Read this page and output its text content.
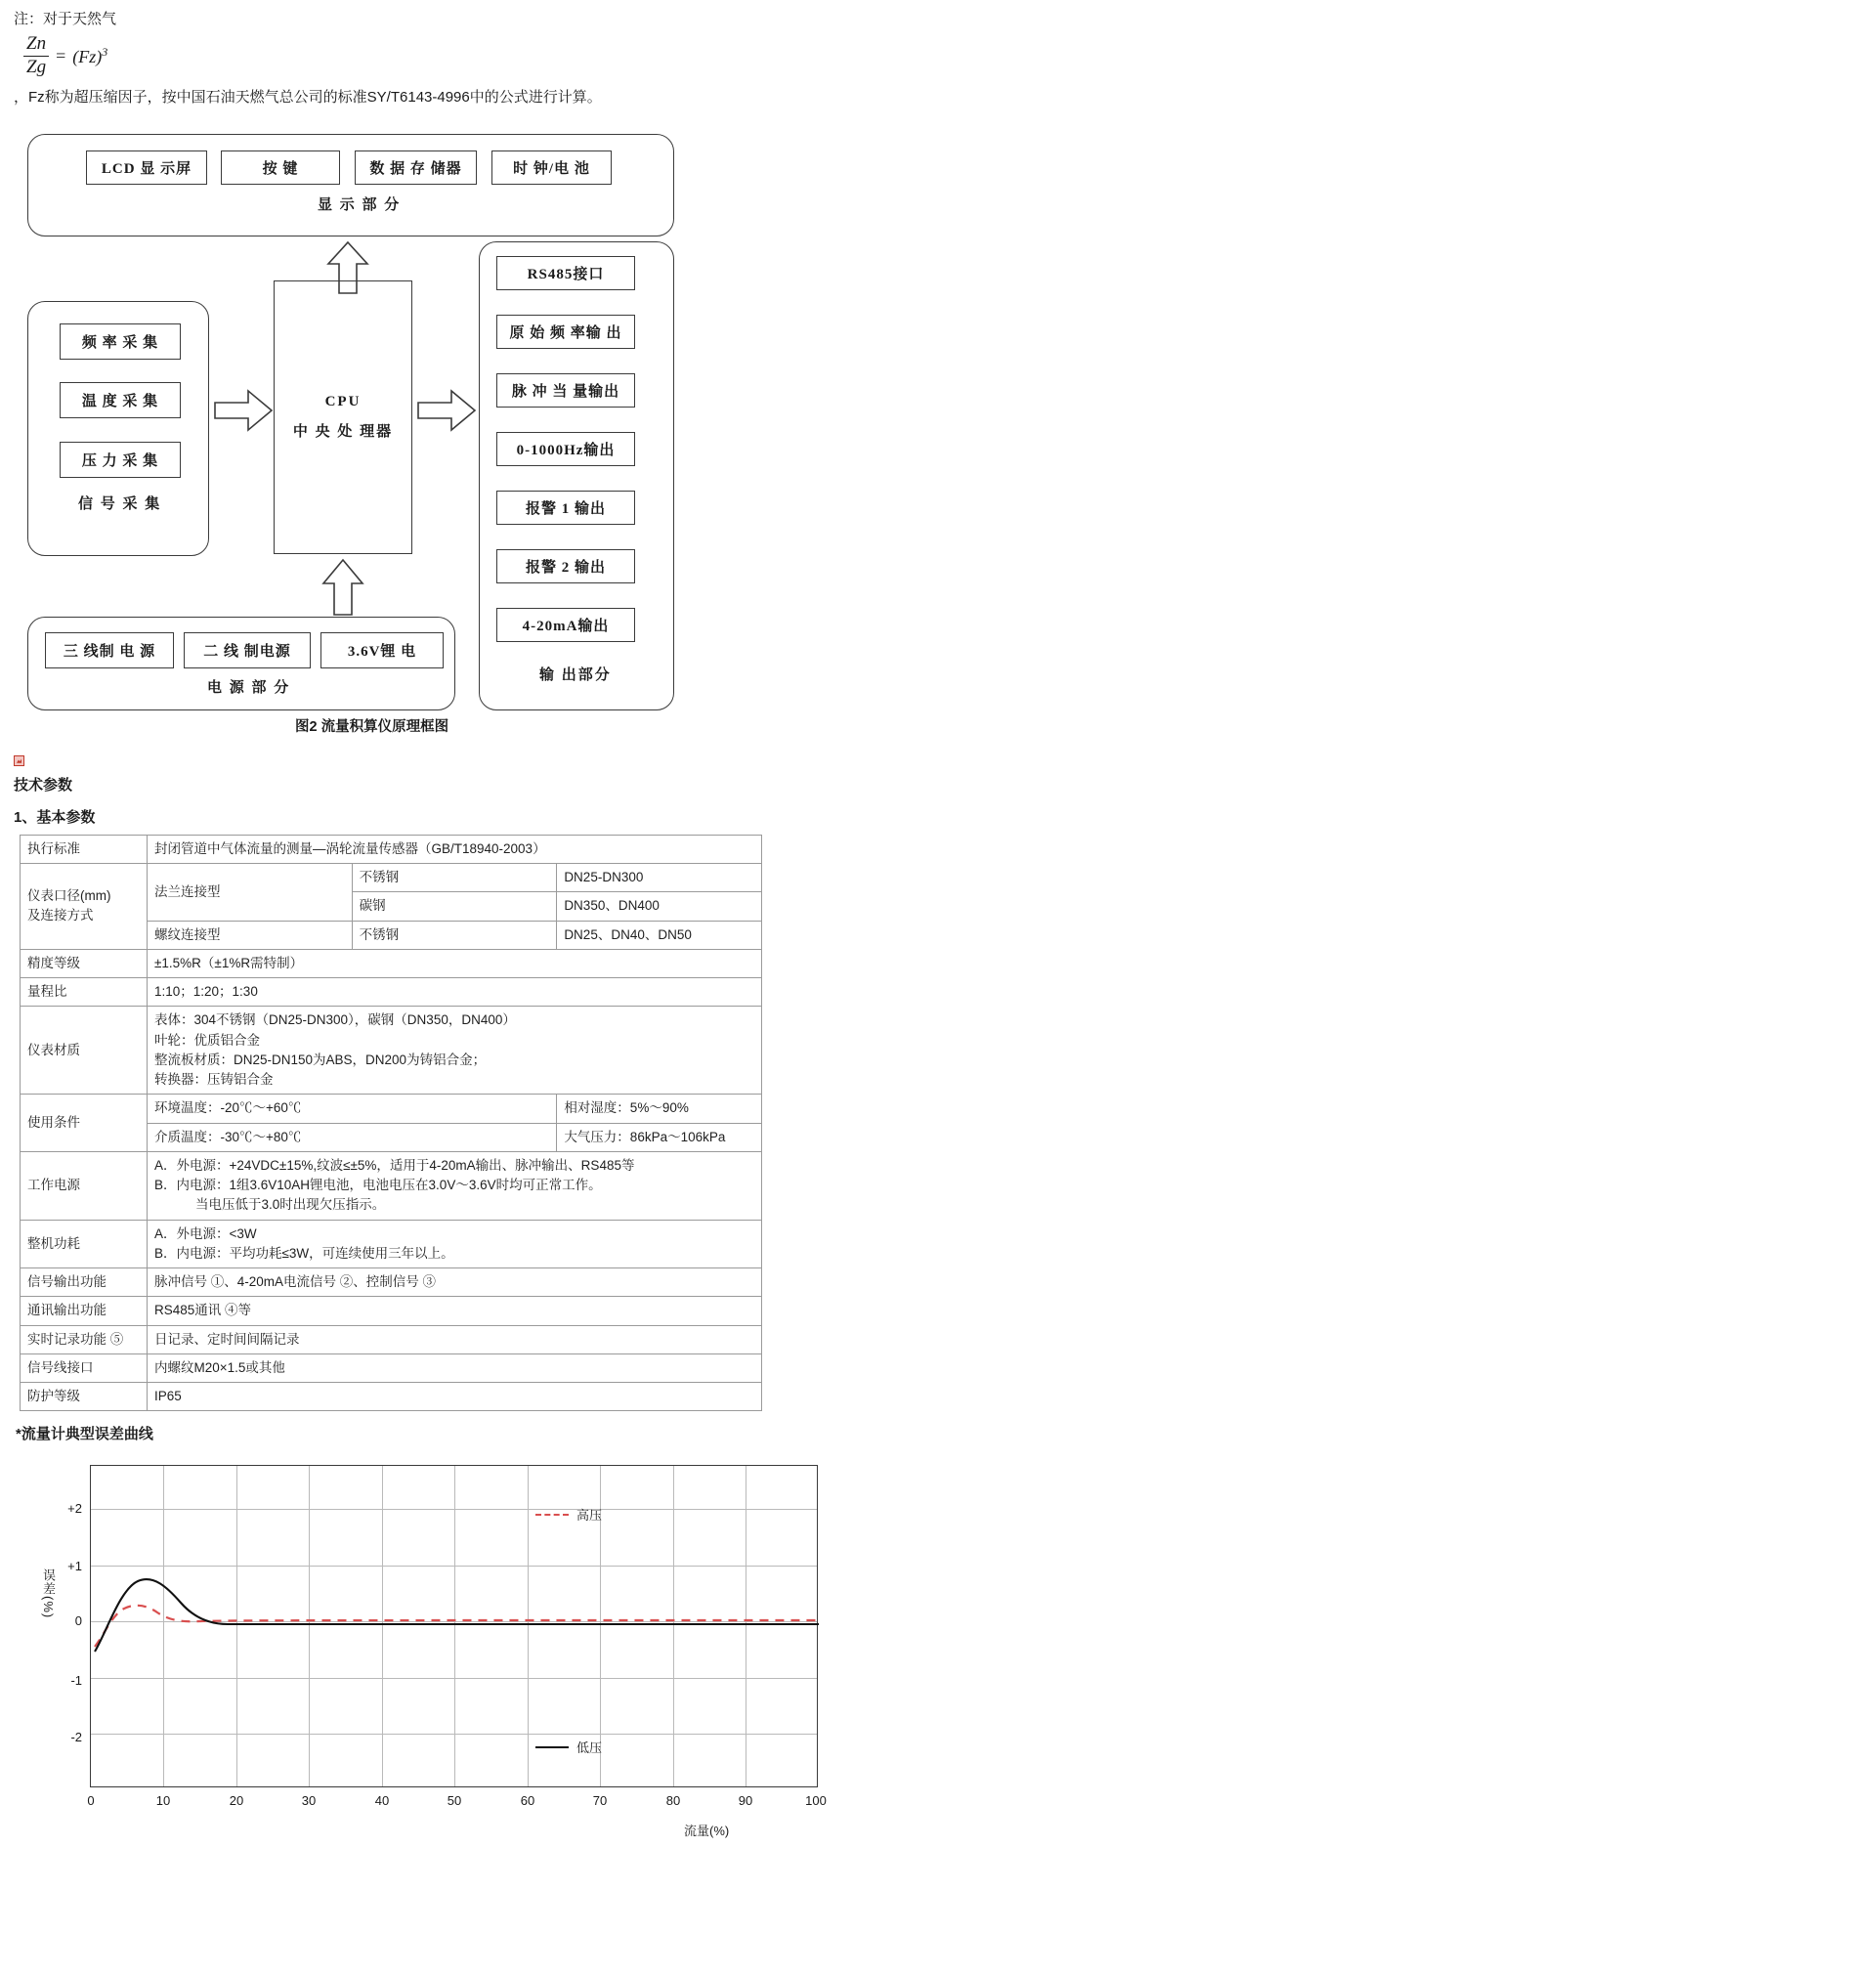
注：对于天然气
$\frac{Zn}{Zg} = (Fz)^3$
，Fz称为超压缩因子，按中国石油天燃气总公司的标准SY/T6143-4996中的公式进行计算。
LCD 显 示屏	按 键	数 据 存 储器	时 钟/电 池
显 示 部 分
频 率 采 集
温 度 采 集
压 力 采 集
信 号 采 集
CPU
中 央 处 理器
三 线制 电 源	二 线 制电源	3.6V锂 电
电 源 部 分
RS485接口
原 始 频 率输 出
脉 冲 当 量输出
0-1000Hz输出
报警 1 输出
报警 2 输出
4-20mA输出
输 出部分
图2 流量积算仪原理框图
技术参数
1、基本参数
执行标准	封闭管道中气体流量的测量—涡轮流量传感器（GB/T18940-2003）		

仪表口径(mm)
及连接方式	法兰连接型	不锈钢	DN25-DN300
		碳钢	DN350、DN400
	螺纹连接型	不锈钢	DN25、DN40、DN50
精度等级	±1.5%R（±1%R需特制）		
量程比	1:10；1:20；1:30		
仪表材质	表体：304不锈钢（DN25-DN300），碳钢（DN350，DN400）
叶轮：优质铝合金
整流板材质：DN25-DN150为ABS，DN200为铸铝合金；
转换器：压铸铝合金		

使用条件	环境温度：-20℃～+60℃		相对湿度：5%～90%
	介质温度：-30℃～+80℃		大气压力：86kPa～106kPa
工作电源	A．外电源：+24VDC±15%,纹波≤±5%，适用于4-20mA输出、脉冲输出、RS485等
B．内电源：1组3.6V10AH锂电池，电池电压在3.0V～3.6V时均可正常工作。
当电压低于3.0时出现欠压指示。		

整机功耗	A．外电源：<3W
B．内电源：平均功耗≤3W，可连续使用三年以上。		

信号输出功能	脉冲信号 ①、4-20mA电流信号 ②、控制信号 ③		
通讯输出功能	RS485通讯 ④等		
实时记录功能 ⑤	日记录、定时间间隔记录		
信号线接口	内螺纹M20×1.5或其他		
防护等级	IP65		
*流量计典型误差曲线
误差(%)
+2
+1
0
-1
-2
高压
低压
0	10	20	30	40	50	60	70	80	90	100
流量(%)
